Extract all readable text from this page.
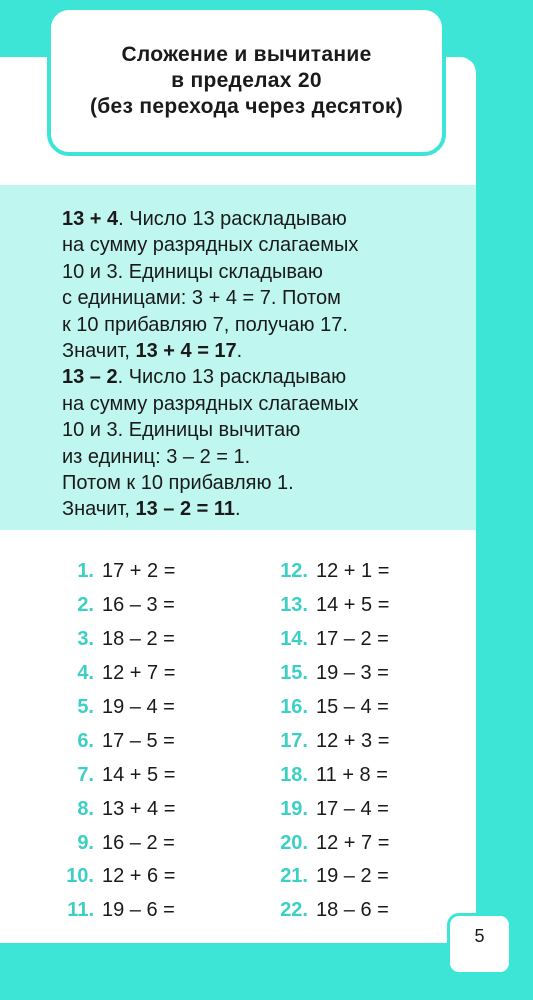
Сложение и вычитание
в пределах 20
(без перехода через десяток)
13 + 4. Число 13 раскладываю
на сумму разрядных слагаемых
10 и 3. Единицы складываю
с единицами: 3 + 4 = 7. Потом
к 10 прибавляю 7, получаю 17.
Значит, 13 + 4 = 17.
13 – 2. Число 13 раскладываю
на сумму разрядных слагаемых
10 и 3. Единицы вычитаю
из единиц: 3 – 2 = 1.
Потом к 10 прибавляю 1.
Значит, 13 – 2 = 11.
1. 17 + 2 =
2. 16 – 3 =
3. 18 – 2 =
4. 12 + 7 =
5. 19 – 4 =
6. 17 – 5 =
7. 14 + 5 =
8. 13 + 4 =
9. 16 – 2 =
10. 12 + 6 =
11. 19 – 6 =
12. 12 + 1 =
13. 14 + 5 =
14. 17 – 2 =
15. 19 – 3 =
16. 15 – 4 =
17. 12 + 3 =
18. 11 + 8 =
19. 17 – 4 =
20. 12 + 7 =
21. 19 – 2 =
22. 18 – 6 =
5
